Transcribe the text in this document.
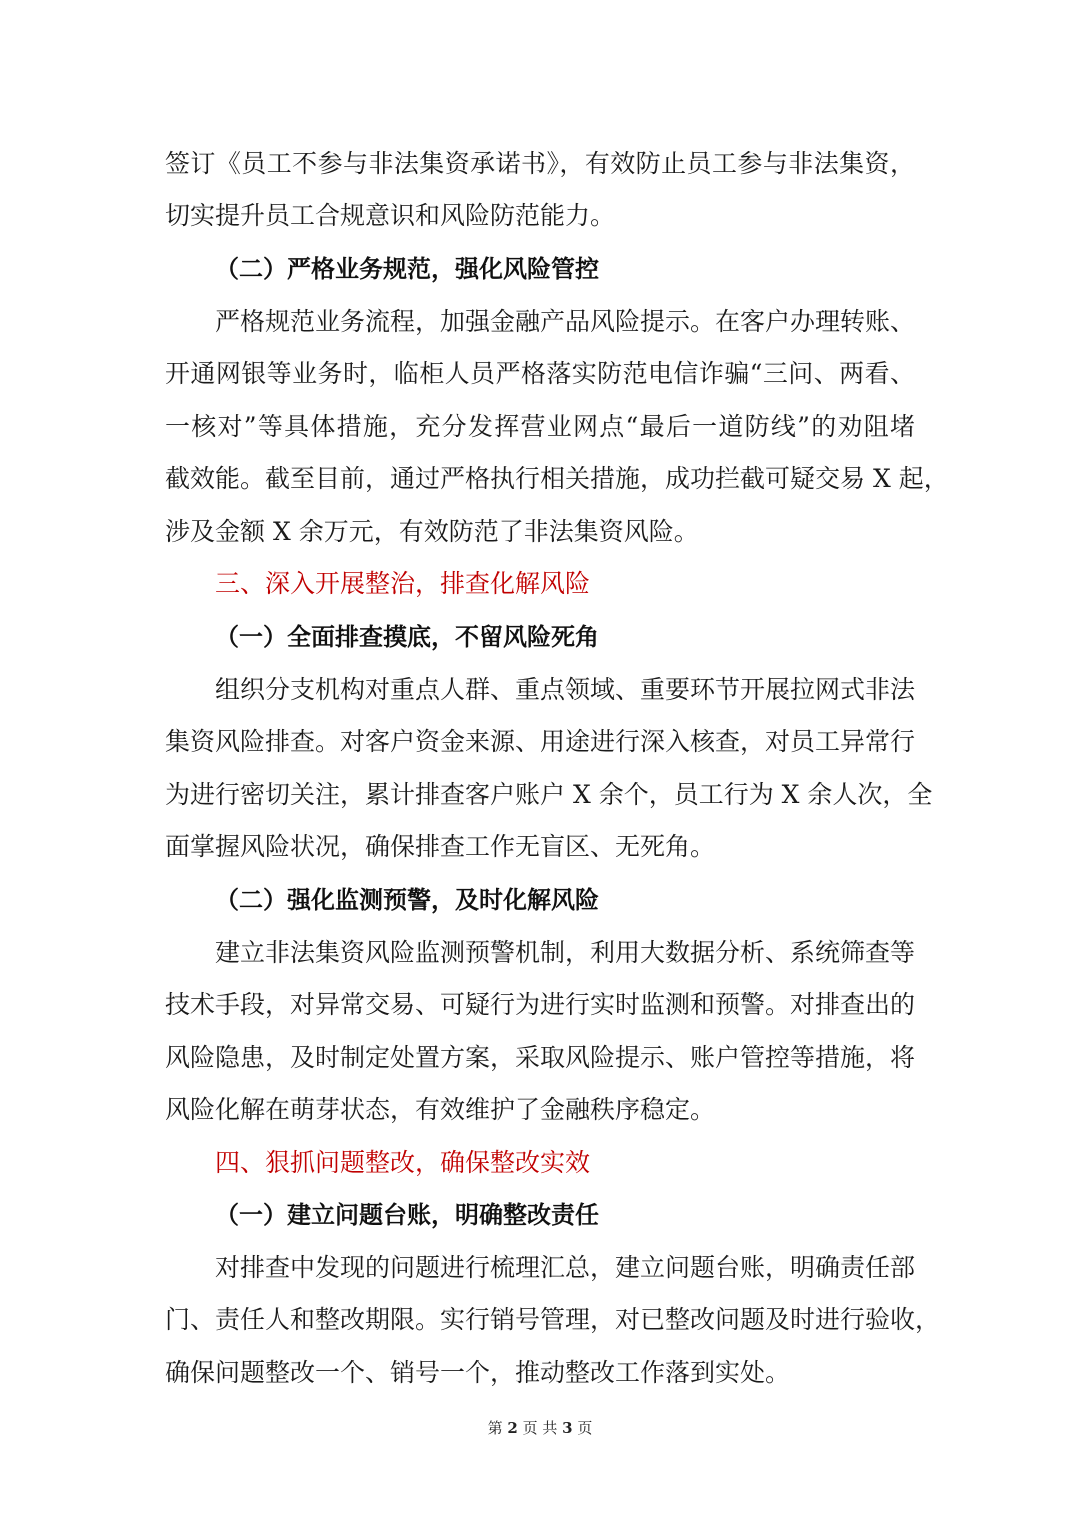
签订《员工不参与非法集资承诺书》，有效防止员工参与非法集资，
切实提升员工合规意识和风险防范能力。
（二）严格业务规范，强化风险管控
严格规范业务流程，加强金融产品风险提示。在客户办理转账、
开通网银等业务时，临柜人员严格落实防范电信诈骗“三问、两看、
一核对”等具体措施，充分发挥营业网点“最后一道防线”的劝阻堵
截效能。截至目前，通过严格执行相关措施，成功拦截可疑交易 X 起，
涉及金额 X 余万元，有效防范了非法集资风险。
三、深入开展整治，排查化解风险
（一）全面排查摸底，不留风险死角
组织分支机构对重点人群、重点领域、重要环节开展拉网式非法
集资风险排查。对客户资金来源、用途进行深入核查，对员工异常行
为进行密切关注，累计排查客户账户 X 余个，员工行为 X 余人次，全
面掌握风险状况，确保排查工作无盲区、无死角。
（二）强化监测预警，及时化解风险
建立非法集资风险监测预警机制，利用大数据分析、系统筛查等
技术手段，对异常交易、可疑行为进行实时监测和预警。对排查出的
风险隐患，及时制定处置方案，采取风险提示、账户管控等措施，将
风险化解在萌芽状态，有效维护了金融秩序稳定。
四、狠抓问题整改，确保整改实效
（一）建立问题台账，明确整改责任
对排查中发现的问题进行梳理汇总，建立问题台账，明确责任部
门、责任人和整改期限。实行销号管理，对已整改问题及时进行验收，
确保问题整改一个、销号一个，推动整改工作落到实处。
第 2 页 共 3 页
